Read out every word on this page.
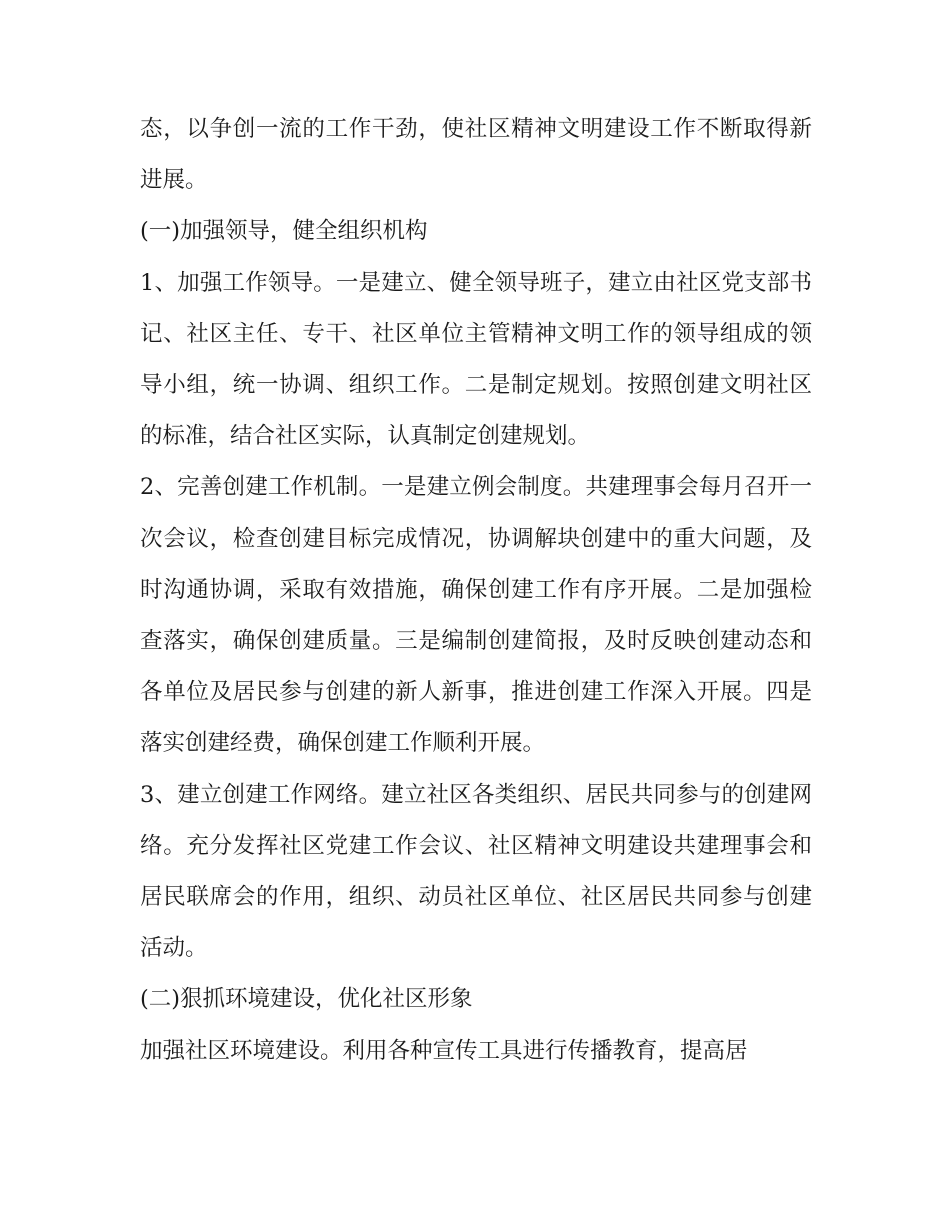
态，以争创一流的工作干劲，使社区精神文明建设工作不断取得新进展。

(一)加强领导，健全组织机构

1、加强工作领导。一是建立、健全领导班子，建立由社区党支部书记、社区主任、专干、社区单位主管精神文明工作的领导组成的领导小组，统一协调、组织工作。二是制定规划。按照创建文明社区的标准，结合社区实际，认真制定创建规划。

2、完善创建工作机制。一是建立例会制度。共建理事会每月召开一次会议，检查创建目标完成情况，协调解块创建中的重大问题，及时沟通协调，采取有效措施，确保创建工作有序开展。二是加强检查落实，确保创建质量。三是编制创建简报，及时反映创建动态和各单位及居民参与创建的新人新事，推进创建工作深入开展。四是落实创建经费，确保创建工作顺利开展。

3、建立创建工作网络。建立社区各类组织、居民共同参与的创建网络。充分发挥社区党建工作会议、社区精神文明建设共建理事会和居民联席会的作用，组织、动员社区单位、社区居民共同参与创建活动。

(二)狠抓环境建设，优化社区形象

加强社区环境建设。利用各种宣传工具进行传播教育，提高居
